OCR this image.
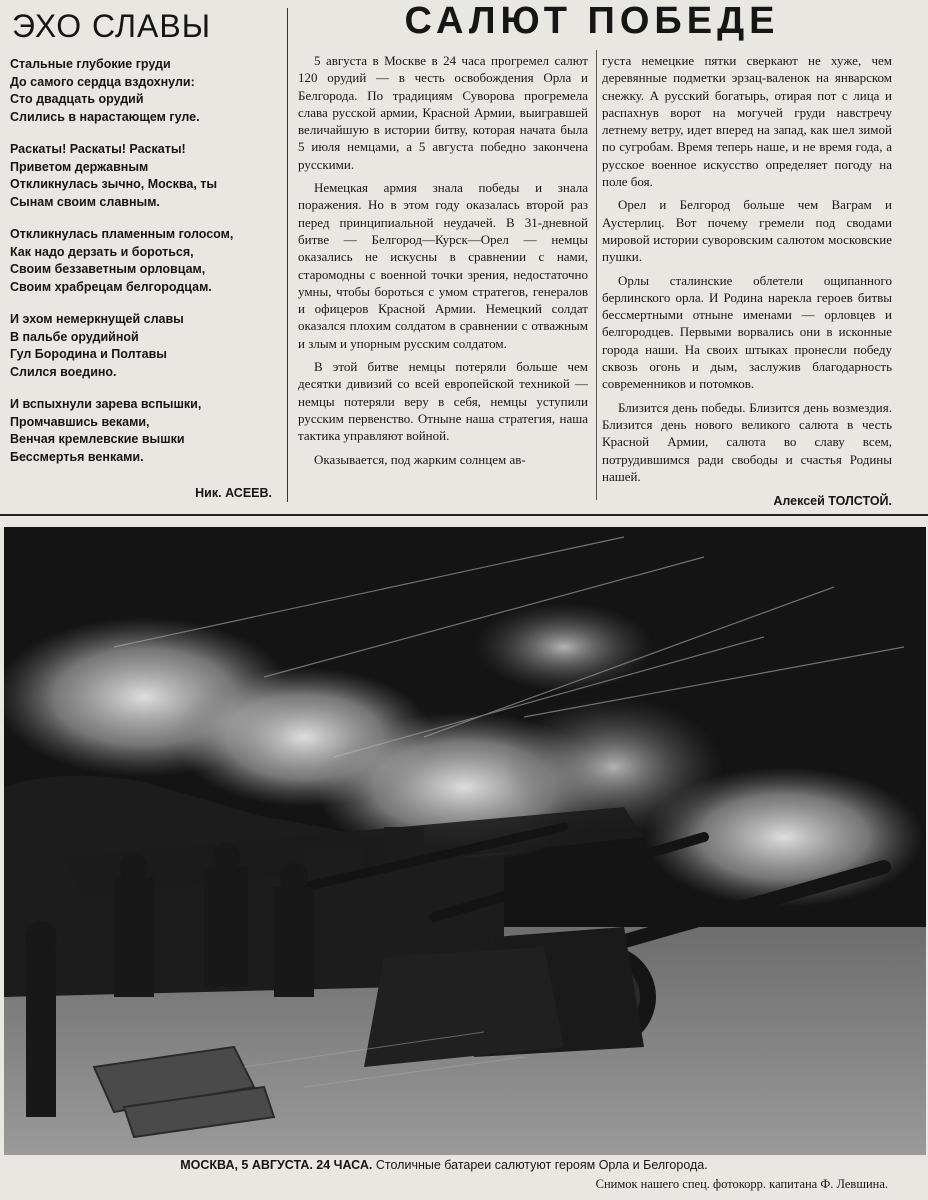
ЭХО СЛАВЫ
Стальные глубокие груди
До самого сердца вздохнули:
Сто двадцать орудий
Слились в нарастающем гуле.
Раскаты! Раскаты! Раскаты!
Приветом державным
Откликнулась зычно, Москва, ты
Сынам своим славным.
Откликнулась пламенным голосом,
Как надо дерзать и бороться,
Своим беззаветным орловцам,
Своим храбрецам белгородцам.
И эхом немеркнущей славы
В пальбе орудийной
Гул Бородина и Полтавы
Слился воедино.
И вспыхнули зарева вспышки,
Промчавшись веками,
Венчая кремлевские вышки
Бессмертья венками.
Ник. АСЕЕВ.
САЛЮТ ПОБЕДЕ

5 августа в Москве в 24 часа прогремел салют 120 орудий — в честь освобождения Орла и Белгорода. По традициям Суворова прогремела слава русской армии, Красной Армии, выигравшей величайшую в истории битву, которая начата была 5 июля немцами, а 5 августа победно закончена русскими.

Немецкая армия знала победы и знала поражения. Но в этом году оказалась второй раз перед принципиальной неудачей. В 31-дневной битве — Белгород—Курск—Орел — немцы оказались не искусны в сравнении с нами, старомодны с военной точки зрения, недостаточно умны, чтобы бороться с умом стратегов, генералов и офицеров Красной Армии. Немецкий солдат оказался плохим солдатом в сравнении с отважным и злым и упорным русским солдатом.

В этой битве немцы потеряли больше чем десятки дивизий со всей европейской техникой — немцы потеряли веру в себя, немцы уступили русским первенство. Отныне наша стратегия, наша тактика управляют войной.

Оказывается, под жарким солнцем ав-

густа немецкие пятки сверкают не хуже, чем деревянные подметки эрзац-валенок на январском снежку. А русский богатырь, отирая пот с лица и распахнув ворот на могучей груди навстречу летнему ветру, идет вперед на запад, как шел зимой по сугробам. Время теперь наше, и не время года, а русское военное искусство определяет погоду на поле боя.

Орел и Белгород больше чем Ваграм и Аустерлиц. Вот почему гремели под сводами мировой истории суворовским салютом московские пушки.

Орлы сталинские облетели ощипанного берлинского орла. И Родина нарекла героев битвы бессмертными отныне именами — орловцев и белгородцев. Первыми ворвались они в исконные города наши. На своих штыках пронесли победу сквозь огонь и дым, заслужив благодарность современников и потомков.

Близится день победы. Близится день возмездия. Близится день нового великого салюта в честь Красной Армии, салюта во славу всем, потрудившимся ради свободы и счастья Родины нашей.

Алексей ТОЛСТОЙ.

МОСКВА, 5 АВГУСТА. 24 ЧАСА. Столичные батареи салютуют героям Орла и Белгорода.
Снимок нашего спец. фотокорр. капитана Ф. Левшина.
